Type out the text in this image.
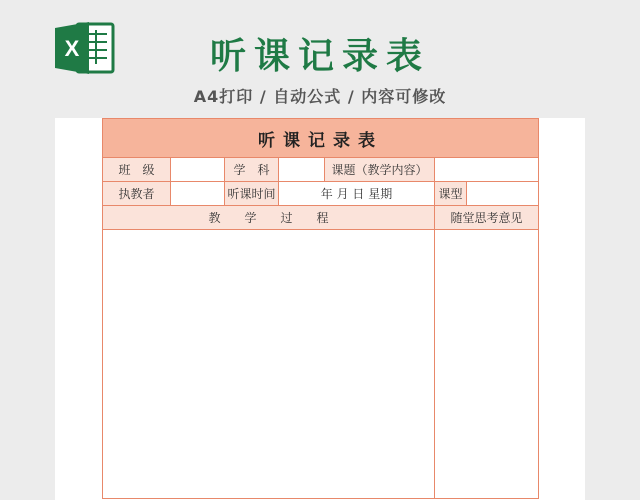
X	听课记录表
A4打印 / 自动公式 / 内容可修改
听课记录表						
班　级		学　科		课题（教学内容）		
执教者		听课时间	年 月 日 星期		课型	
教　　学　　过　　程					随堂思考意见	
